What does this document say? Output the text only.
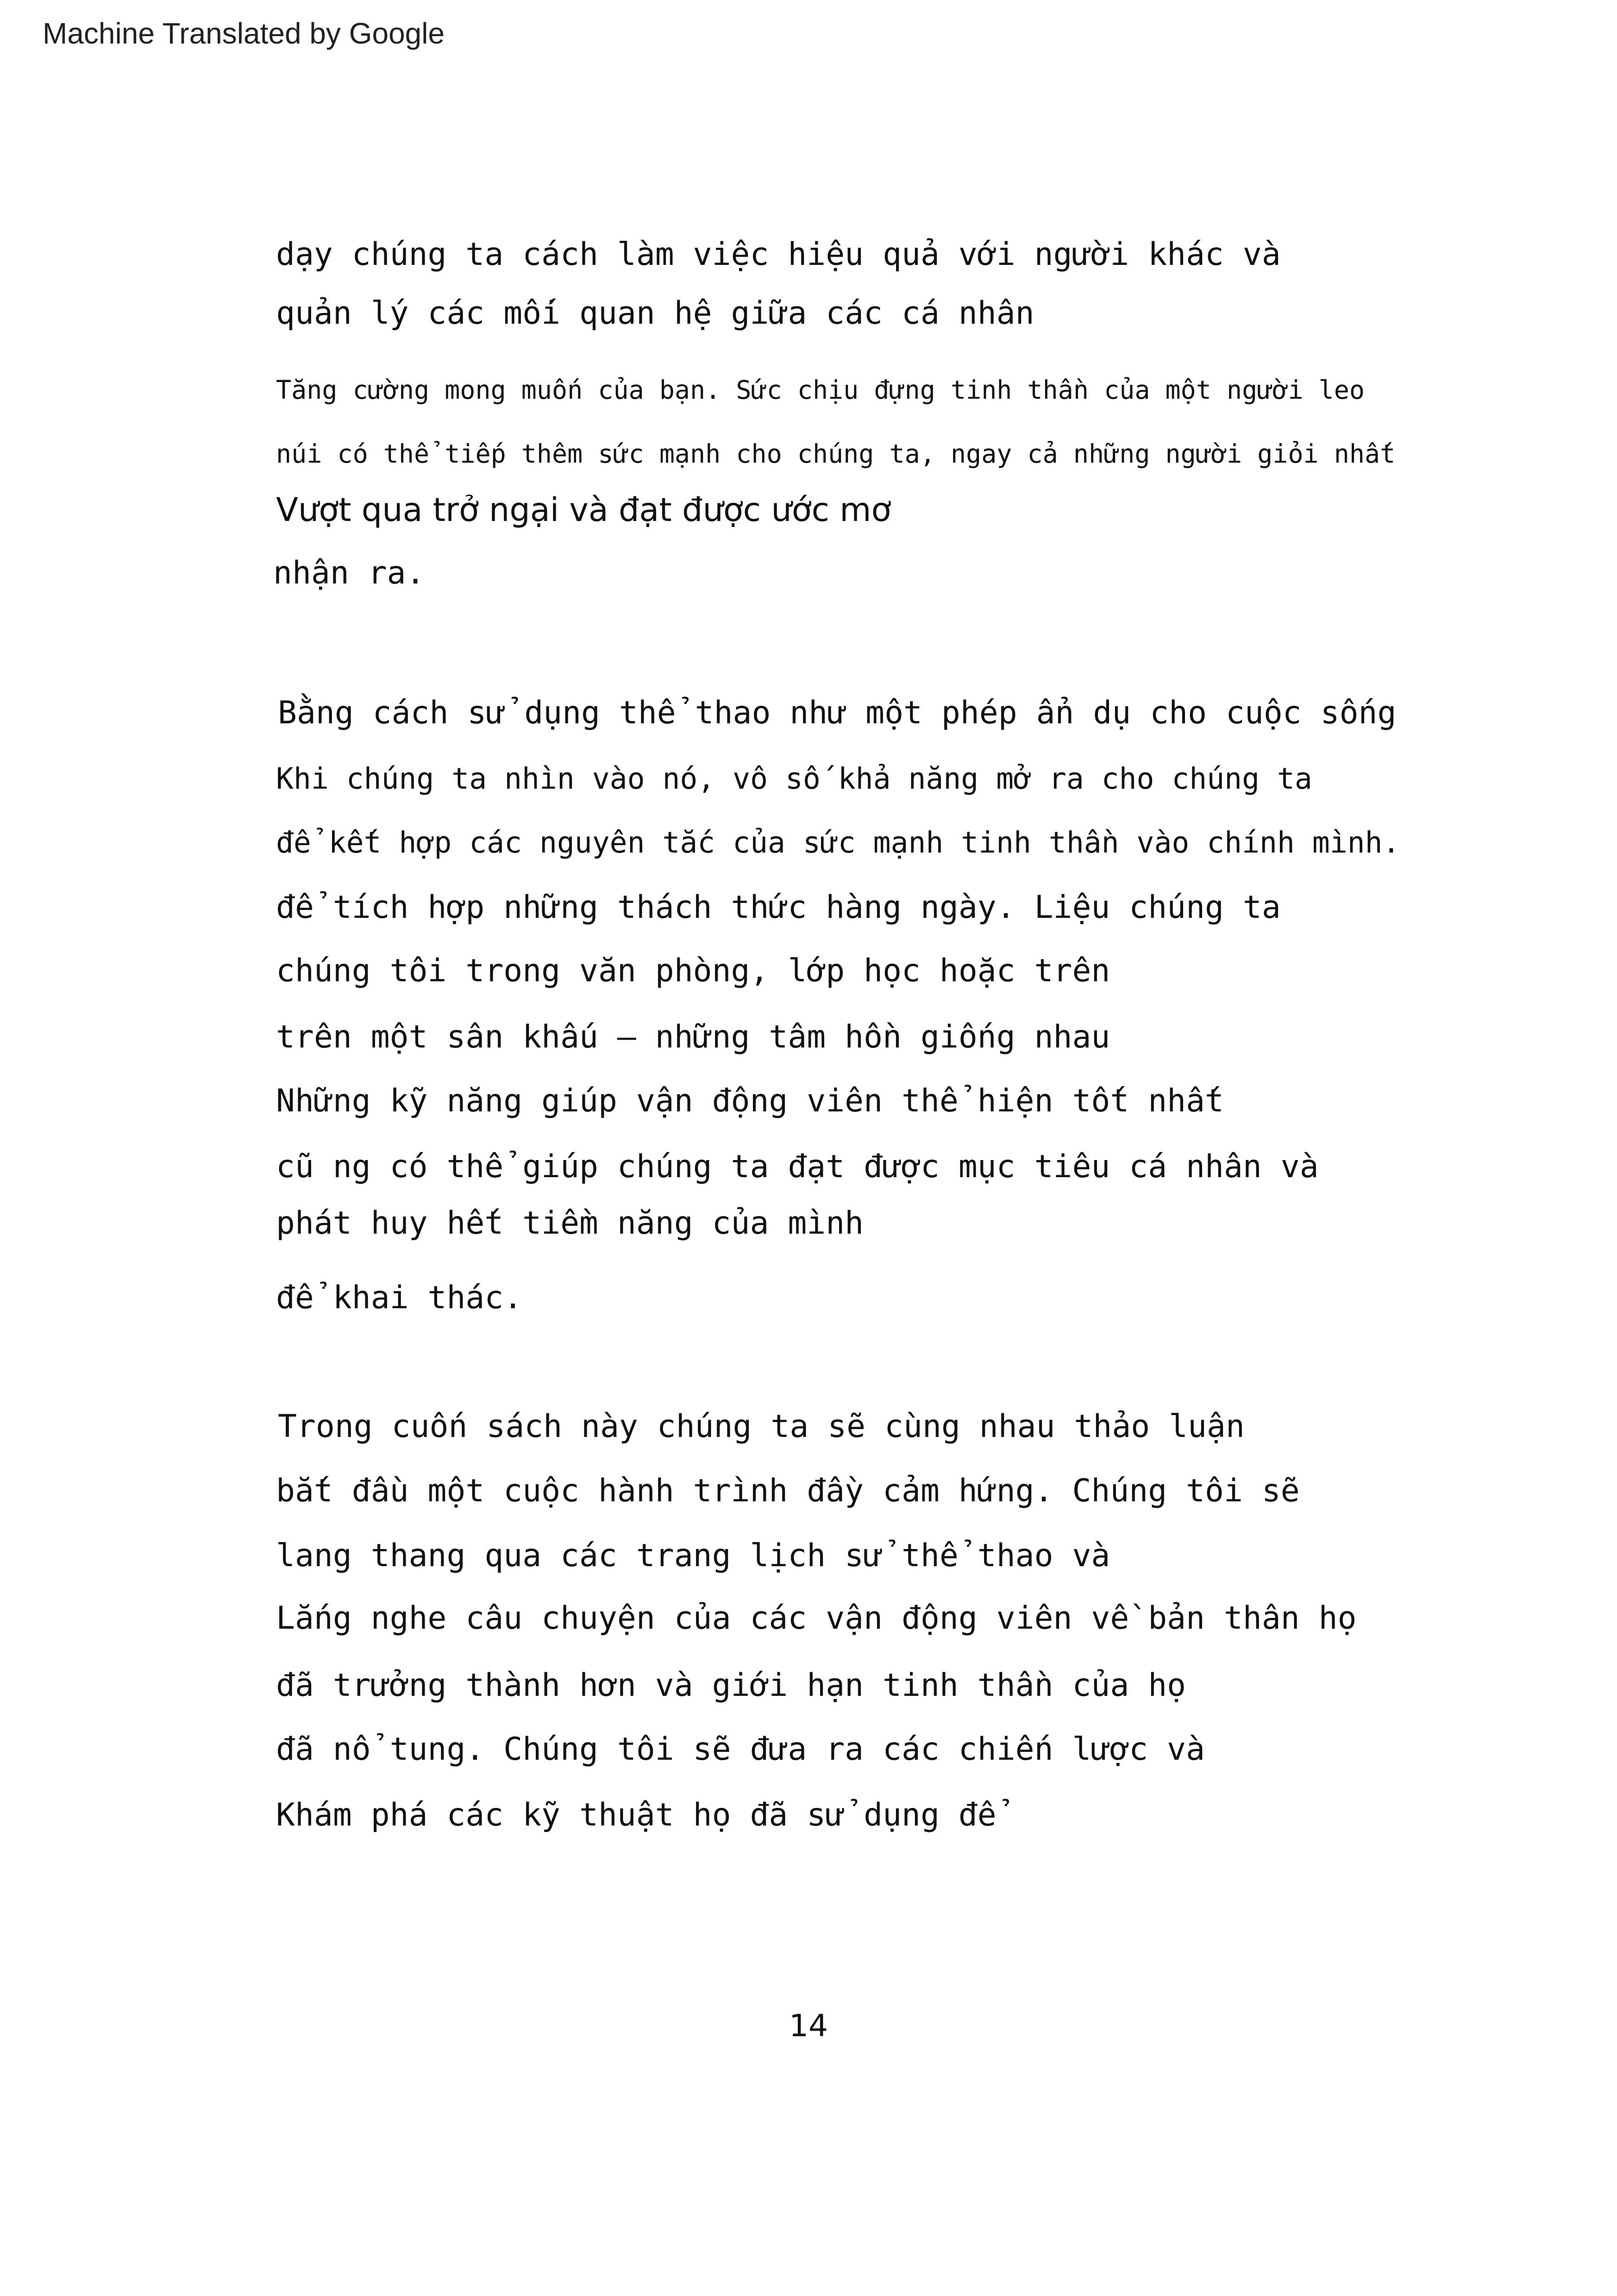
Machine Translated by Google
dạy chúng ta cách làm việc hiệu quả với người khác và
quản lý các mối quan hệ giữa các cá nhân
Tăng cường mong muốn của bạn. Sức chịu đựng tinh thần của một người leo
núi có thể tiếp thêm sức mạnh cho chúng ta, ngay cả những người giỏi nhất
Vượt qua trở ngại và đạt được ước mơ
nhận ra.
Bằng cách sử dụng thể thao như một phép ẩn dụ cho cuộc sống
Khi chúng ta nhìn vào nó, vô số khả năng mở ra cho chúng ta
để kết hợp các nguyên tắc của sức mạnh tinh thần vào chính mình.
để tích hợp những thách thức hàng ngày. Liệu chúng ta
chúng tôi trong văn phòng, lớp học hoặc trên
trên một sân khấu – những tâm hồn giống nhau
Những kỹ năng giúp vận động viên thể hiện tốt nhất
cũ ng có thể giúp chúng ta đạt được mục tiêu cá nhân và
phát huy hết tiềm năng của mình
để khai thác.
Trong cuốn sách này chúng ta sẽ cùng nhau thảo luận
bắt đầu một cuộc hành trình đầy cảm hứng. Chúng tôi sẽ
lang thang qua các trang lịch sử thể thao và
Lắng nghe câu chuyện của các vận động viên về bản thân họ
đã trưởng thành hơn và giới hạn tinh thần của họ
đã nổ tung. Chúng tôi sẽ đưa ra các chiến lược và
Khám phá các kỹ thuật họ đã sử dụng để
14
